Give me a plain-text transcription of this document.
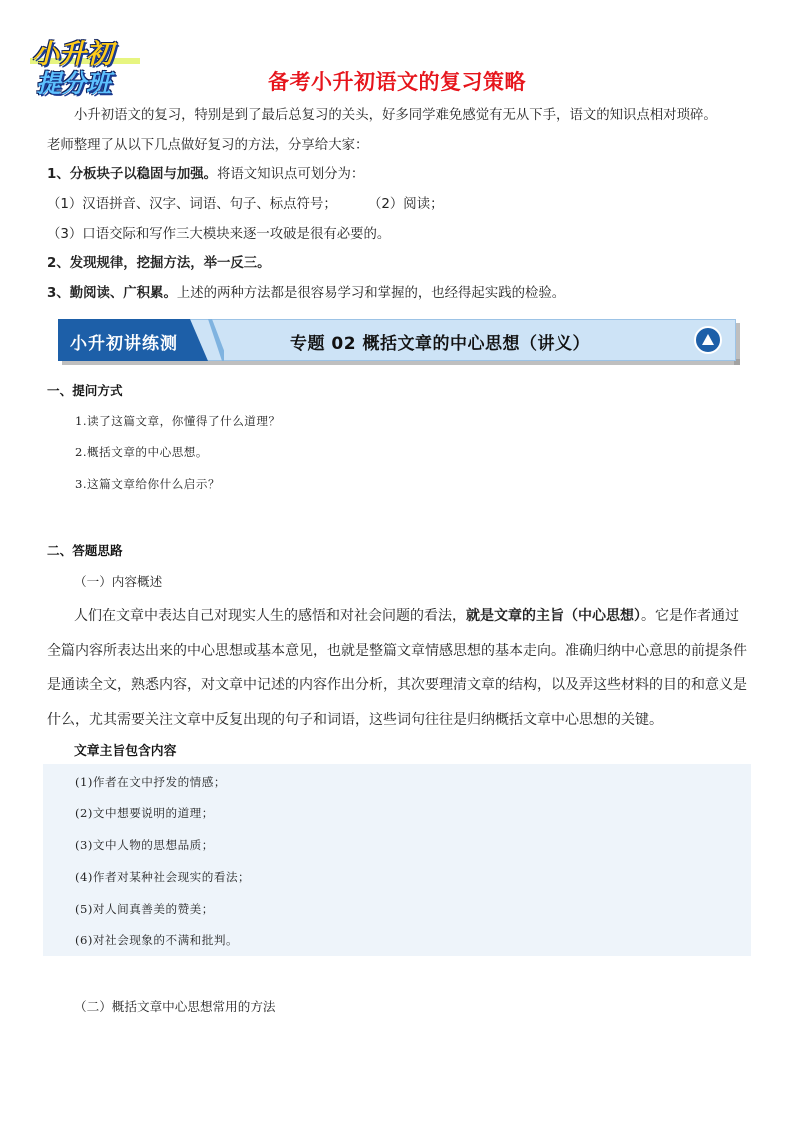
小升初
提分班	备考小升初语文的复习策略
小升初语文的复习，特别是到了最后总复习的关头，好多同学难免感觉有无从下手，语文的知识点相对琐碎。
老师整理了从以下几点做好复习的方法，分享给大家：
1、分板块子以稳固与加强。将语文知识点可划分为：
（1）汉语拼音、汉字、词语、句子、标点符号； （2）阅读；
（3）口语交际和写作三大模块来逐一攻破是很有必要的。
2、发现规律，挖掘方法，举一反三。
3、勤阅读、广积累。上述的两种方法都是很容易学习和掌握的，也经得起实践的检验。
小升初讲练测	专题 02 概括文章的中心思想（讲义）
一、提问方式
1.读了这篇文章，你懂得了什么道理？
2.概括文章的中心思想。
3.这篇文章给你什么启示？
二、答题思路
（一）内容概述
人们在文章中表达自己对现实人生的感悟和对社会问题的看法，就是文章的主旨（中心思想）。它是作者通过
全篇内容所表达出来的中心思想或基本意见，也就是整篇文章情感思想的基本走向。准确归纳中心意思的前提条件
是通读全文，熟悉内容，对文章中记述的内容作出分析，其次要理清文章的结构，以及弄这些材料的目的和意义是
什么，尤其需要关注文章中反复出现的句子和词语，这些词句往往是归纳概括文章中心思想的关键。
文章主旨包含内容
(1)作者在文中抒发的情感；
(2)文中想要说明的道理；
(3)文中人物的思想品质；
(4)作者对某种社会现实的看法；
(5)对人间真善美的赞美；
(6)对社会现象的不满和批判。
（二）概括文章中心思想常用的方法
